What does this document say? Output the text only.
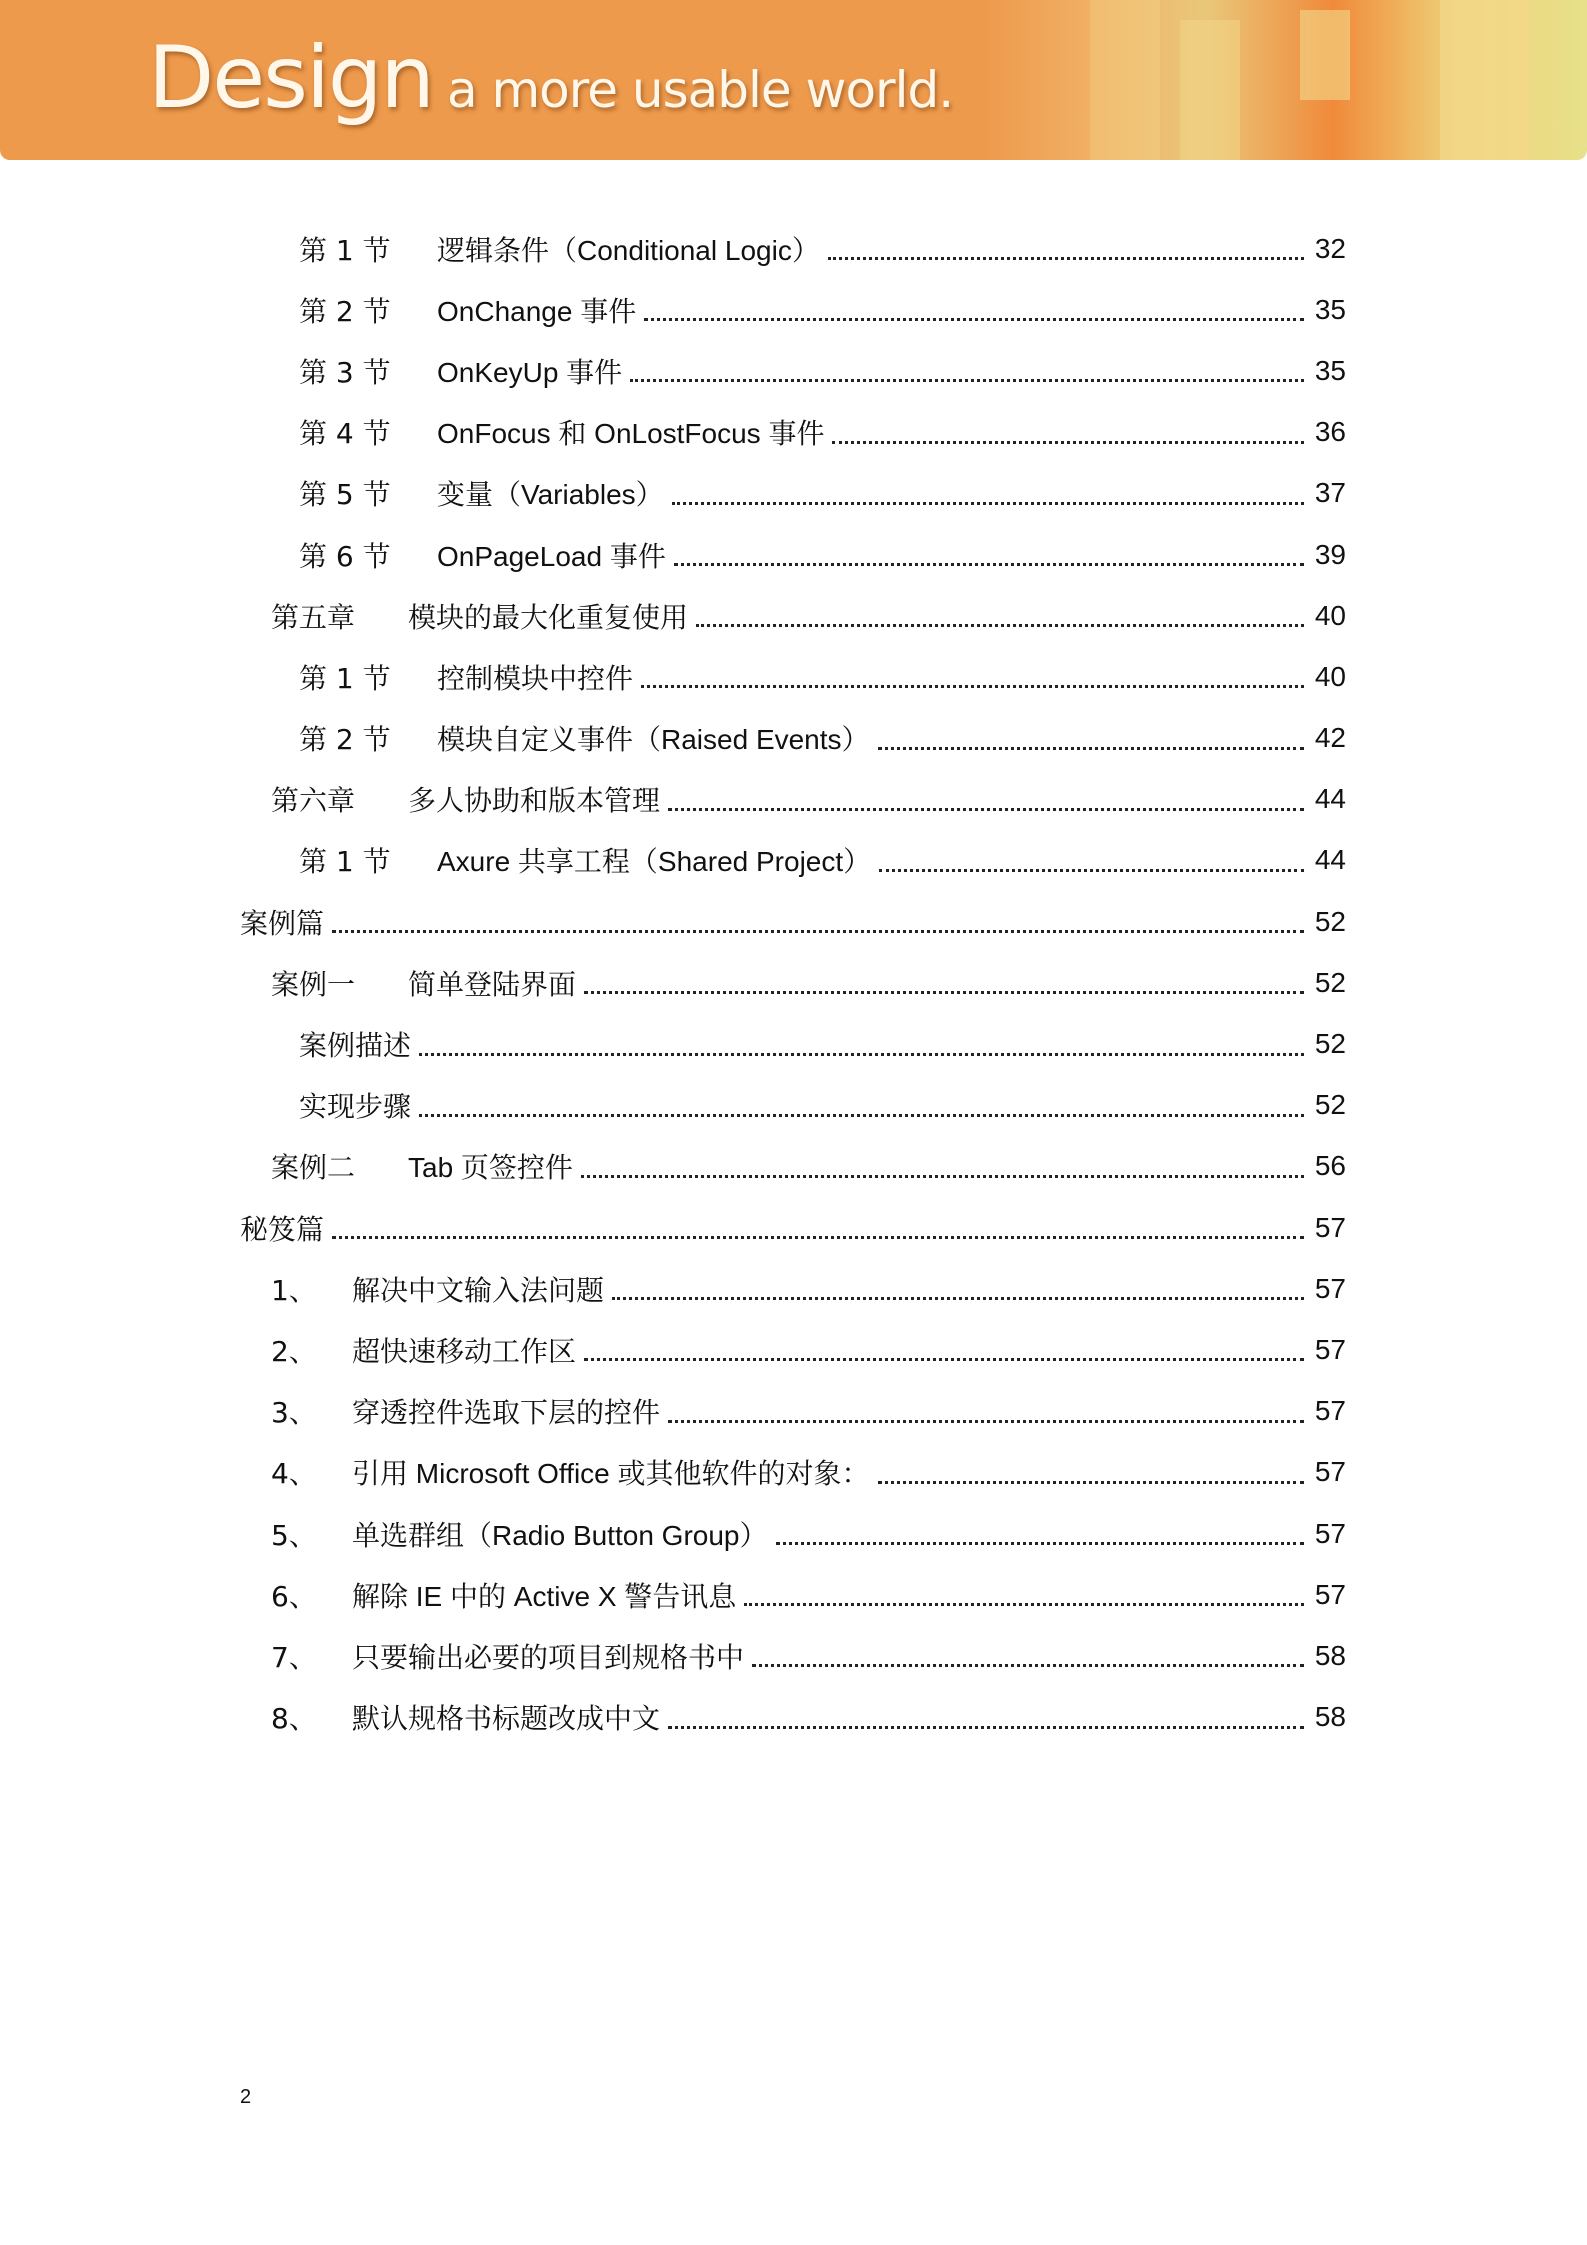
Design a more usable world.
第 1 节 逻辑条件（Conditional Logic）	32
第 2 节 OnChange 事件	35
第 3 节 OnKeyUp 事件	35
第 4 节 OnFocus 和 OnLostFocus 事件	36
第 5 节 变量（Variables）	37
第 6 节 OnPageLoad 事件	39
第五章 模块的最大化重复使用	40
第 1 节 控制模块中控件	40
第 2 节 模块自定义事件（Raised Events）	42
第六章 多人协助和版本管理	44
第 1 节 Axure 共享工程（Shared Project）	44
案例篇	52
案例一 简单登陆界面	52
案例描述	52
实现步骤	52
案例二 Tab 页签控件	56
秘笈篇	57
1、 解决中文输入法问题	57
2、 超快速移动工作区	57
3、 穿透控件选取下层的控件	57
4、 引用 Microsoft Office 或其他软件的对象：	57
5、 单选群组（Radio Button Group）	57
6、 解除 IE 中的 Active X 警告讯息	57
7、 只要输出必要的项目到规格书中	58
8、 默认规格书标题改成中文	58
2
